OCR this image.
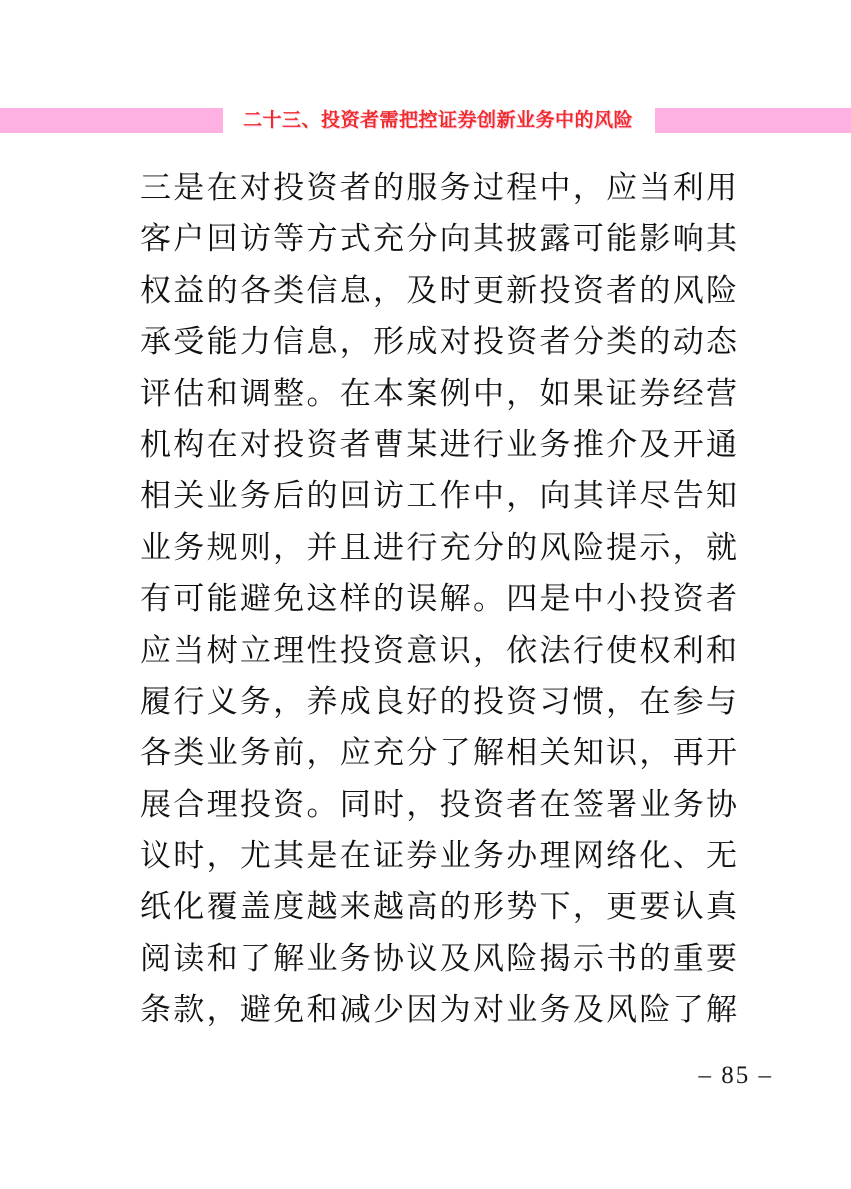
二十三、投资者需把控证券创新业务中的风险
三是在对投资者的服务过程中，应当利用
客户回访等方式充分向其披露可能影响其
权益的各类信息，及时更新投资者的风险
承受能力信息，形成对投资者分类的动态
评估和调整。在本案例中，如果证券经营
机构在对投资者曹某进行业务推介及开通
相关业务后的回访工作中，向其详尽告知
业务规则，并且进行充分的风险提示，就
有可能避免这样的误解。四是中小投资者
应当树立理性投资意识，依法行使权利和
履行义务，养成良好的投资习惯，在参与
各类业务前，应充分了解相关知识，再开
展合理投资。同时，投资者在签署业务协
议时，尤其是在证券业务办理网络化、无
纸化覆盖度越来越高的形势下，更要认真
阅读和了解业务协议及风险揭示书的重要
条款，避免和减少因为对业务及风险了解
– 85 –
